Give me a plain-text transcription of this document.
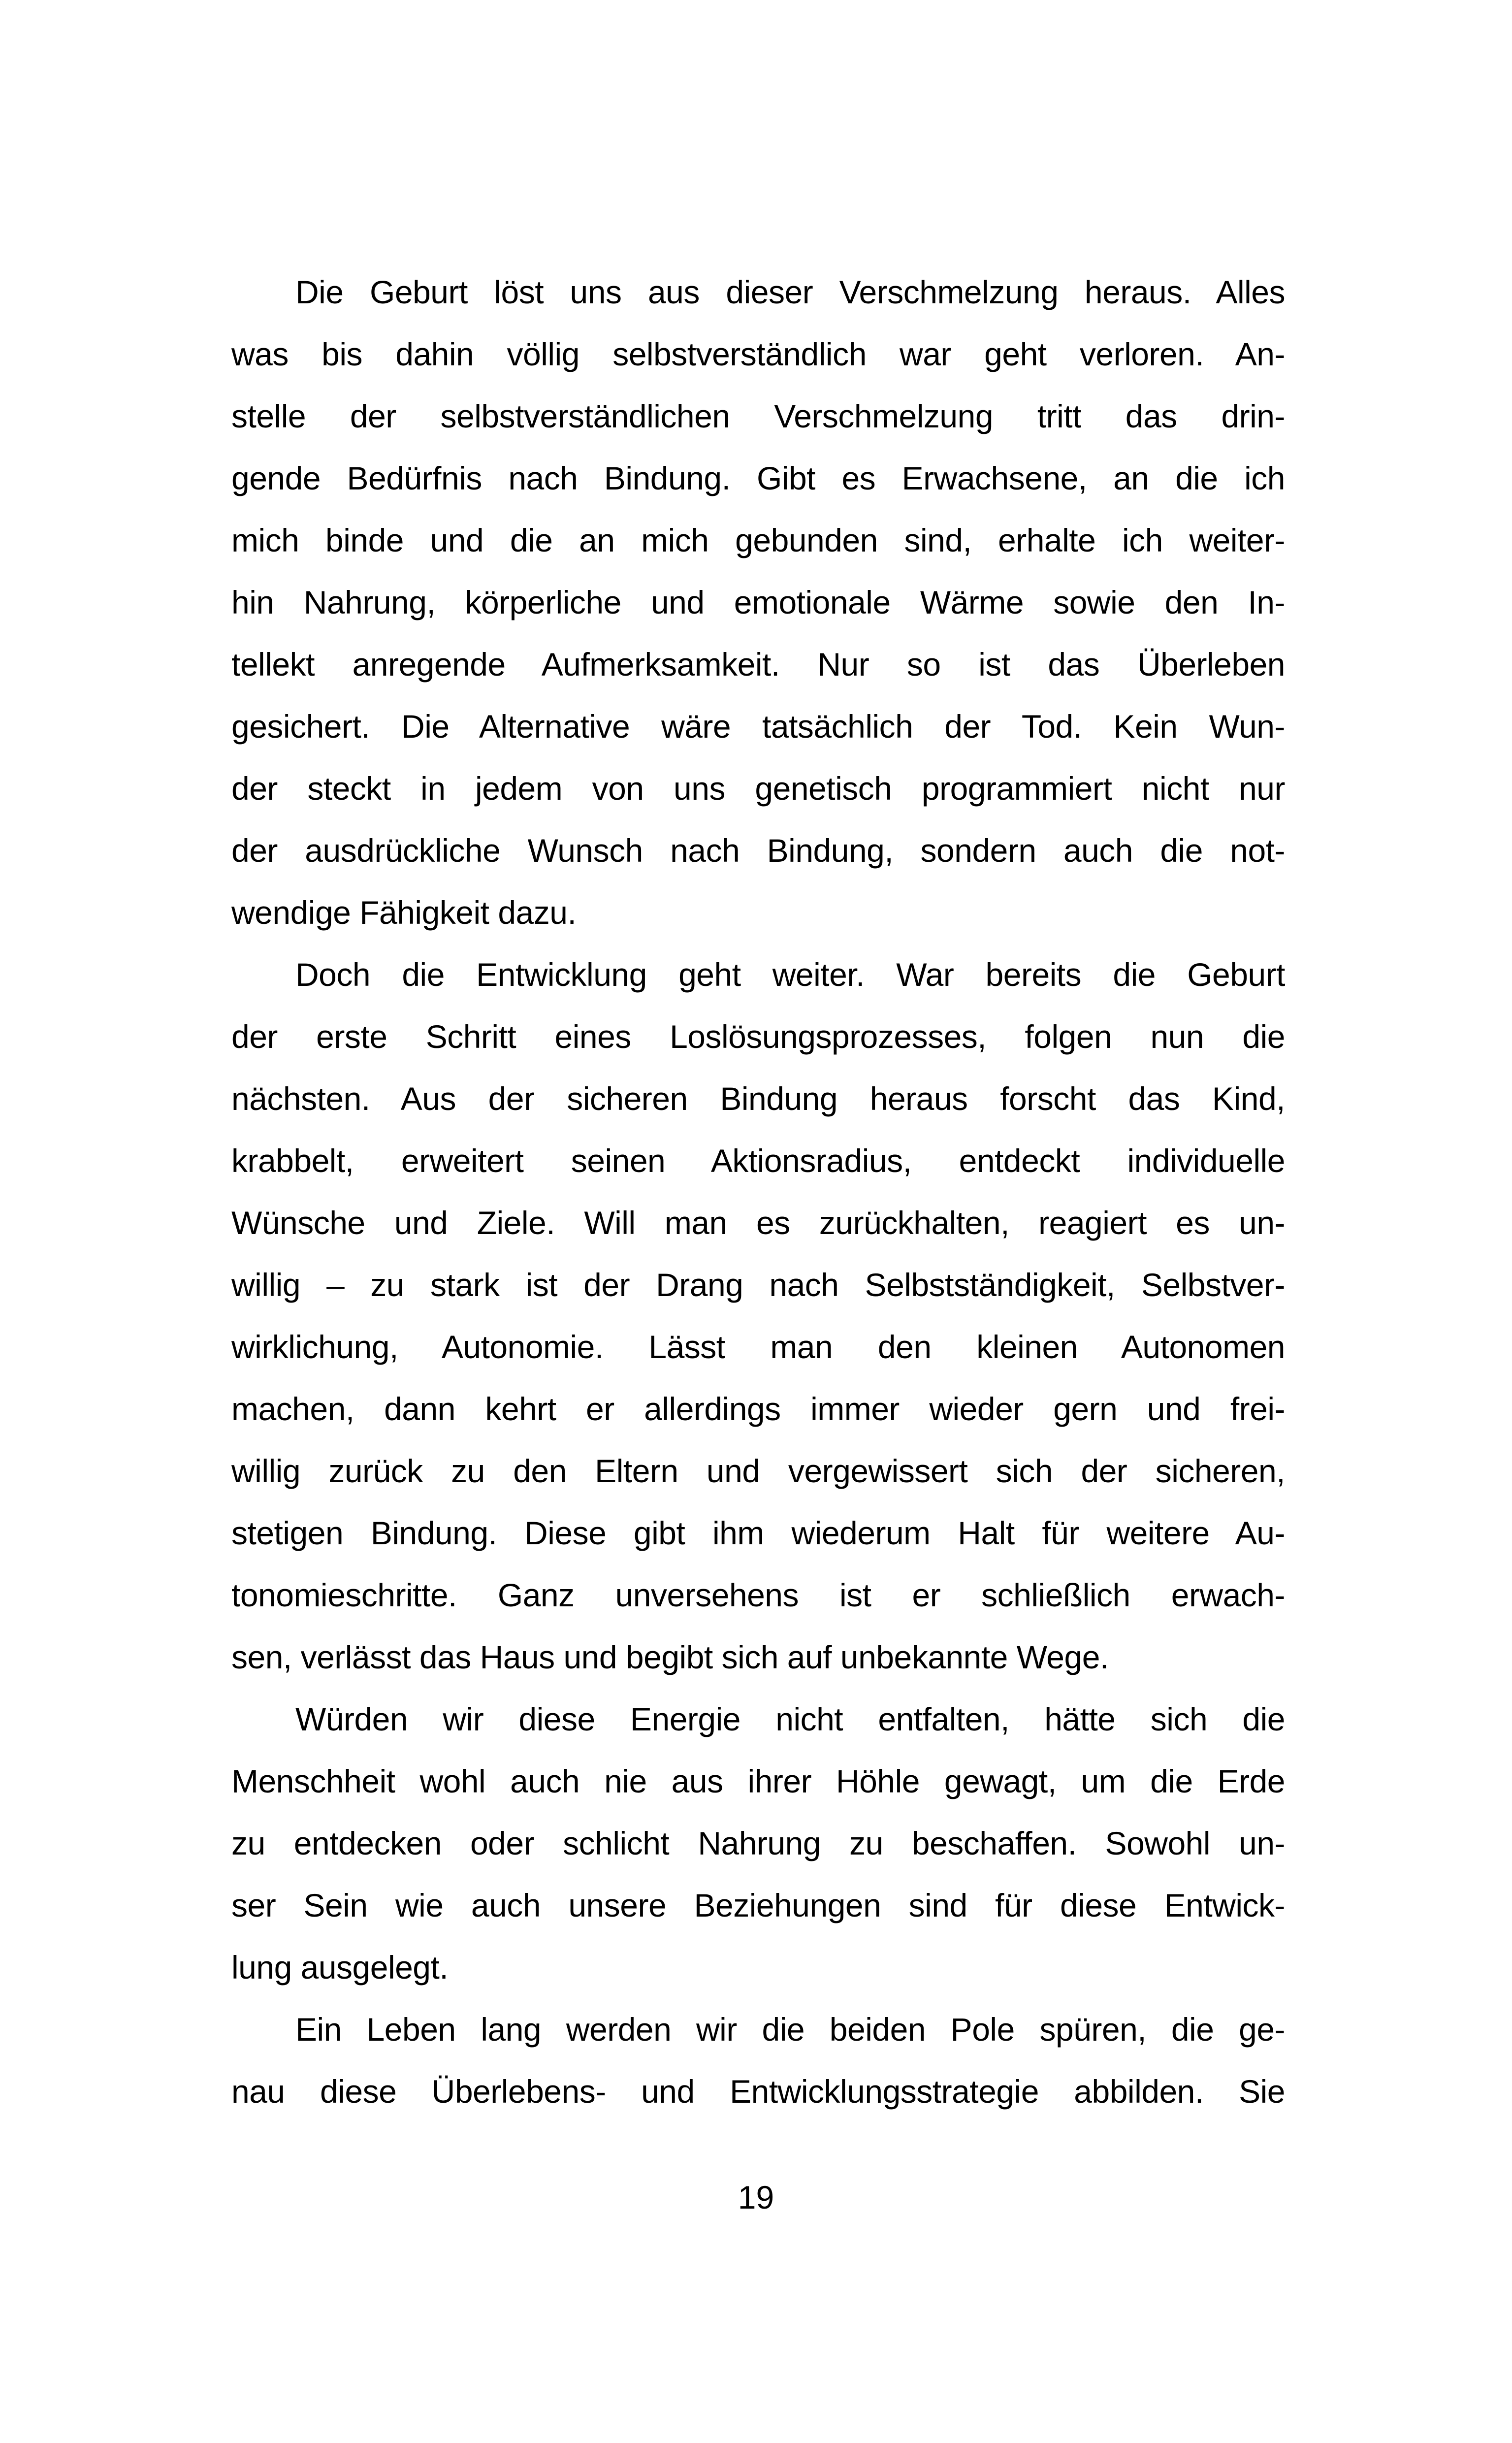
Die Geburt löst uns aus dieser Verschmelzung heraus. Alles
was bis dahin völlig selbstverständlich war geht verloren. An-
stelle der selbstverständlichen Verschmelzung tritt das drin-
gende Bedürfnis nach Bindung. Gibt es Erwachsene, an die ich
mich binde und die an mich gebunden sind, erhalte ich weiter-
hin Nahrung, körperliche und emotionale Wärme sowie den In-
tellekt anregende Aufmerksamkeit. Nur so ist das Überleben
gesichert. Die Alternative wäre tatsächlich der Tod. Kein Wun-
der steckt in jedem von uns genetisch programmiert nicht nur
der ausdrückliche Wunsch nach Bindung, sondern auch die not-
wendige Fähigkeit dazu.
Doch die Entwicklung geht weiter. War bereits die Geburt
der erste Schritt eines Loslösungsprozesses, folgen nun die
nächsten. Aus der sicheren Bindung heraus forscht das Kind,
krabbelt, erweitert seinen Aktionsradius, entdeckt individuelle
Wünsche und Ziele. Will man es zurückhalten, reagiert es un-
willig – zu stark ist der Drang nach Selbstständigkeit, Selbstver-
wirklichung, Autonomie. Lässt man den kleinen Autonomen
machen, dann kehrt er allerdings immer wieder gern und frei-
willig zurück zu den Eltern und vergewissert sich der sicheren,
stetigen Bindung. Diese gibt ihm wiederum Halt für weitere Au-
tonomieschritte. Ganz unversehens ist er schließlich erwach-
sen, verlässt das Haus und begibt sich auf unbekannte Wege.
Würden wir diese Energie nicht entfalten, hätte sich die
Menschheit wohl auch nie aus ihrer Höhle gewagt, um die Erde
zu entdecken oder schlicht Nahrung zu beschaffen. Sowohl un-
ser Sein wie auch unsere Beziehungen sind für diese Entwick-
lung ausgelegt.
Ein Leben lang werden wir die beiden Pole spüren, die ge-
nau diese Überlebens- und Entwicklungsstrategie abbilden. Sie
19
